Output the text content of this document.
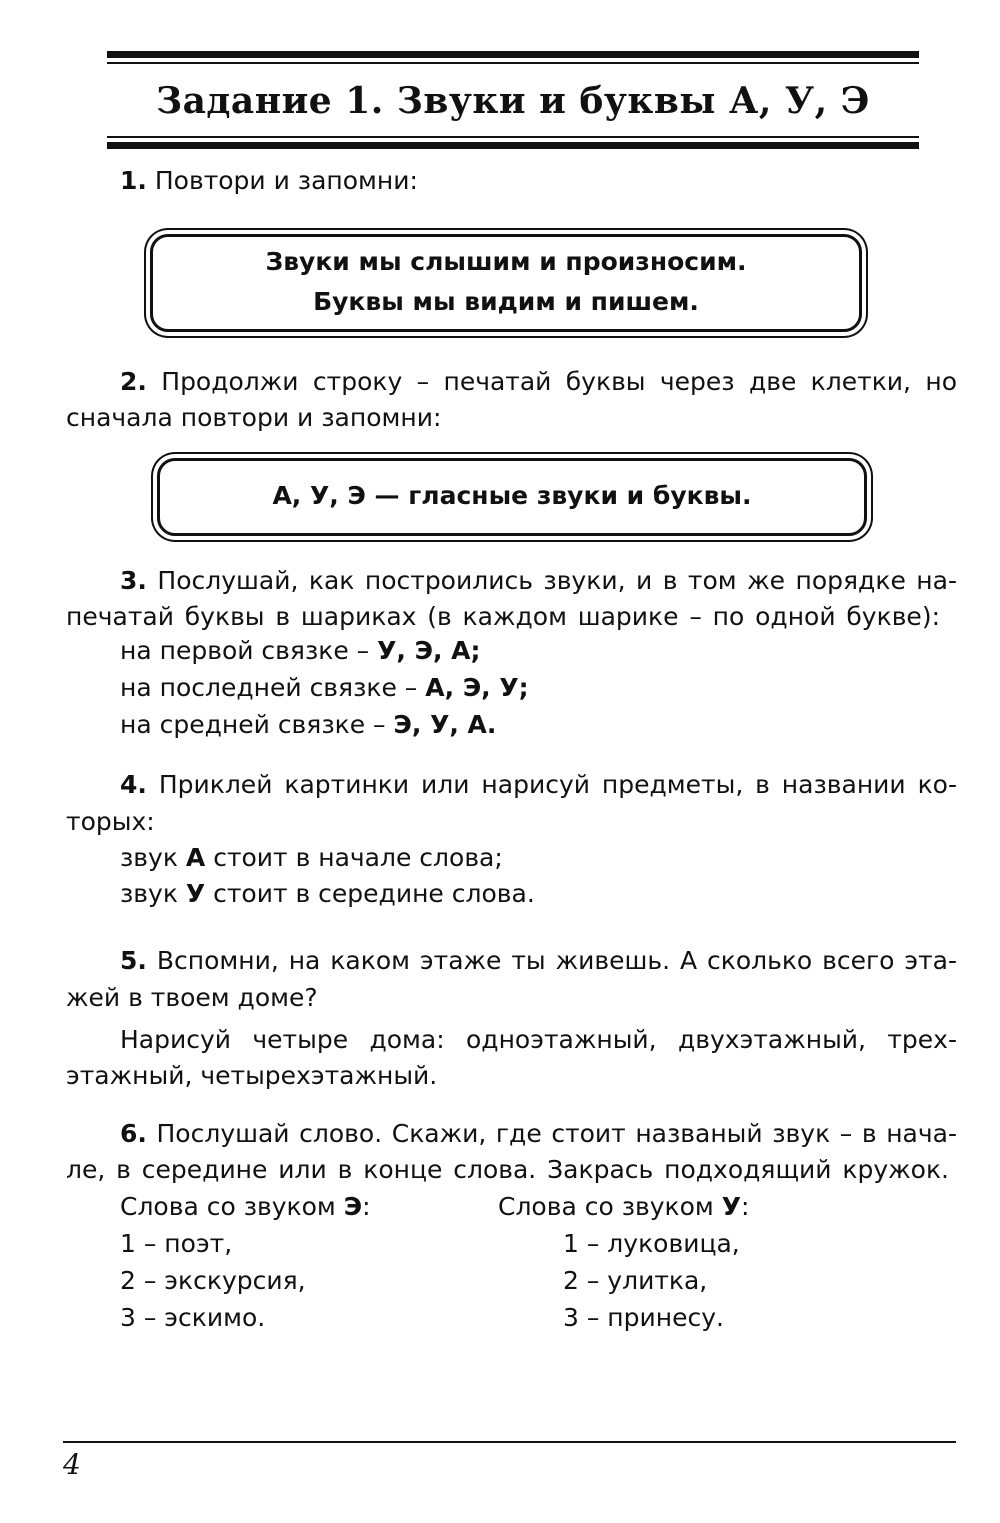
Задание 1. Звуки и буквы А, У, Э
1. Повтори и запомни:
Звуки мы слышим и произносим.
Буквы мы видим и пишем.
2. Продолжи строку – печатай буквы через две клетки, но
сначала повтори и запомни:
А, У, Э — гласные звуки и буквы.
3. Послушай, как построились звуки, и в том же порядке на-
печатай буквы в шариках (в каждом шарике – по одной букве):
на первой связке – У, Э, А;
на последней связке – А, Э, У;
на средней связке – Э, У, А.
4. Приклей картинки или нарисуй предметы, в названии ко-
торых:
звук А стоит в начале слова;
звук У стоит в середине слова.
5. Вспомни, на каком этаже ты живешь. А сколько всего эта-
жей в твоем доме?
Нарисуй четыре дома: одноэтажный, двухэтажный, трех-
этажный, четырехэтажный.
6. Послушай слово. Скажи, где стоит названый звук – в нача-
ле, в середине или в конце слова. Закрась подходящий кружок.
Слова со звуком Э:
1 – поэт,
2 – экскурсия,
3 – эскимо.
Слова со звуком У:
1 – луковица,
2 – улитка,
3 – принесу.
4
